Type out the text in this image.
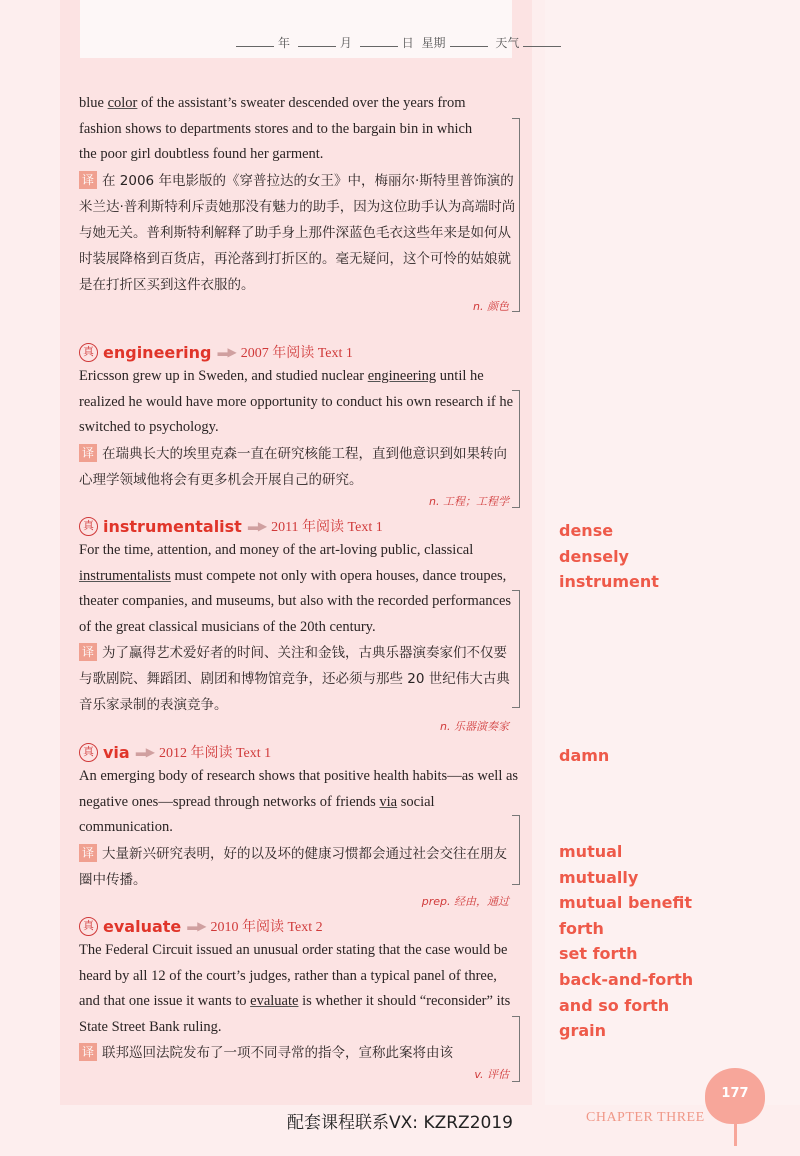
年	月	日 星期	天气
blue color of the assistant’s sweater descended over the years from
fashion shows to departments stores and to the bargain bin in which
the poor girl doubtless found her garment.
译 在 2006 年电影版的《穿普拉达的女王》中，梅丽尔·斯特里普饰演的米兰达·普利斯特利斥责她那没有魅力的助手，因为这位助手认为高端时尚与她无关。普利斯特利解释了助手身上那件深蓝色毛衣这些年来是如何从时装展降格到百货店，再沦落到打折区的。毫无疑问，这个可怜的姑娘就是在打折区买到这件衣服的。
n. 颜色
真 engineering ▬▶ 2007 年阅读 Text 1
Ericsson grew up in Sweden, and studied nuclear engineering until he realized he would have more opportunity to conduct his own research if he switched to psychology.
译 在瑞典长大的埃里克森一直在研究核能工程，直到他意识到如果转向心理学领域他将会有更多机会开展自己的研究。
n. 工程；工程学
真 instrumentalist ▬▶ 2011 年阅读 Text 1
For the time, attention, and money of the art-loving public, classical instrumentalists must compete not only with opera houses, dance troupes, theater companies, and museums, but also with the recorded performances of the great classical musicians of the 20th century.
译 为了赢得艺术爱好者的时间、关注和金钱，古典乐器演奏家们不仅要与歌剧院、舞蹈团、剧团和博物馆竞争，还必须与那些 20 世纪伟大古典音乐家录制的表演竞争。
n. 乐器演奏家
真 via ▬▶ 2012 年阅读 Text 1
An emerging body of research shows that positive health habits—as well as negative ones—spread through networks of friends via social communication.
译 大量新兴研究表明，好的以及坏的健康习惯都会通过社会交往在朋友圈中传播。
prep. 经由，通过
真 evaluate ▬▶ 2010 年阅读 Text 2
The Federal Circuit issued an unusual order stating that the case would be heard by all 12 of the court’s judges, rather than a typical panel of three, and that one issue it wants to evaluate is whether it should “reconsider” its State Street Bank ruling.
译 联邦巡回法院发布了一项不同寻常的指令，宣称此案将由该
v. 评估
dense
densely
instrument
damn
mutual
mutually
mutual benefit
forth
set forth
back-and-forth
and so forth
grain
177
CHAPTER THREE
配套课程联系VX: KZRZ2019
